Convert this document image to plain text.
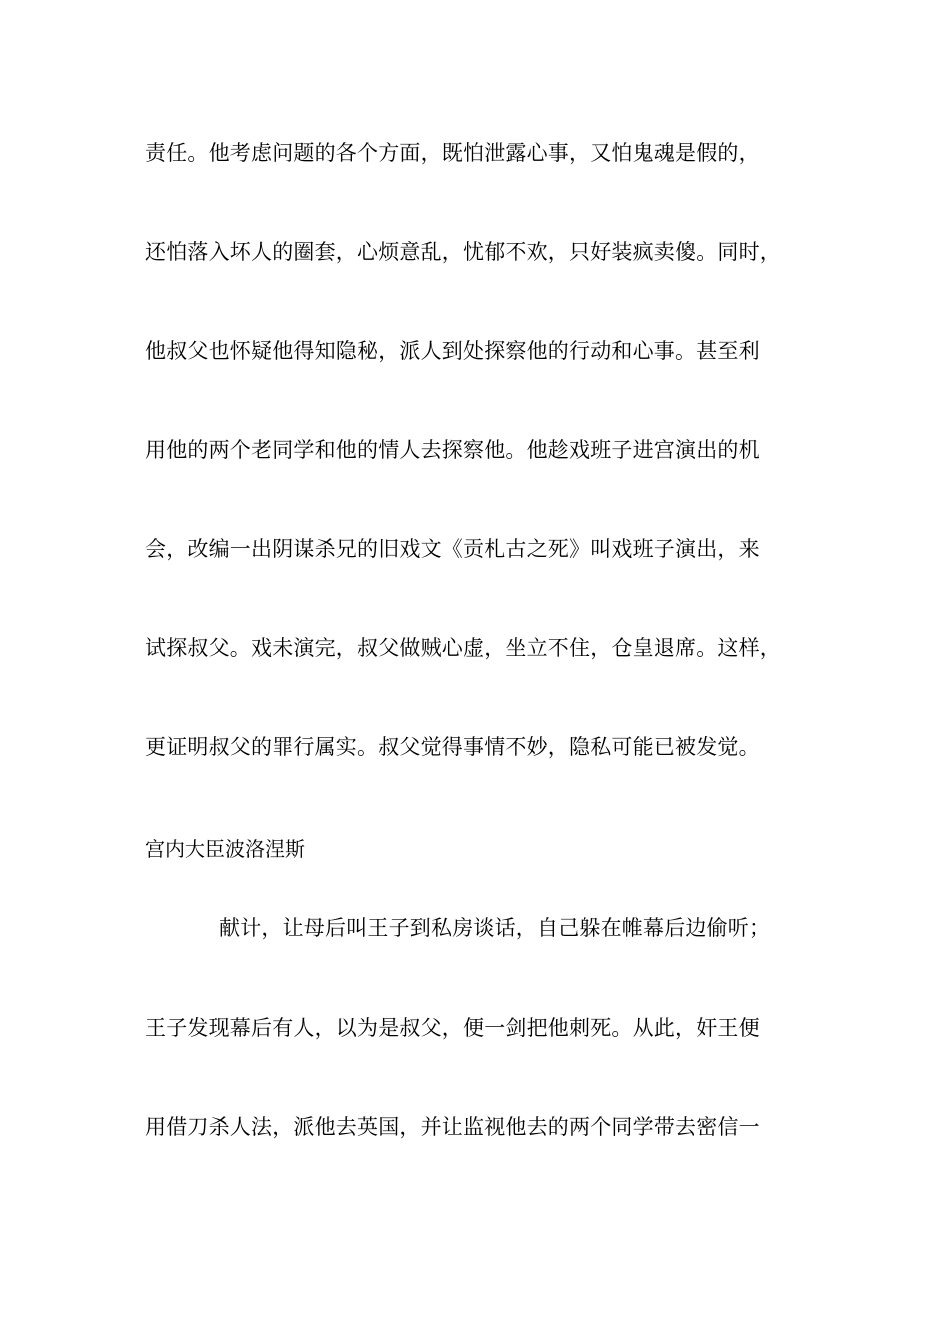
责任。他考虑问题的各个方面，既怕泄露心事，又怕鬼魂是假的，
还怕落入坏人的圈套，心烦意乱，忧郁不欢，只好装疯卖傻。同时，
他叔父也怀疑他得知隐秘，派人到处探察他的行动和心事。甚至利
用他的两个老同学和他的情人去探察他。他趁戏班子进宫演出的机
会，改编一出阴谋杀兄的旧戏文《贡札古之死》叫戏班子演出，来
试探叔父。戏未演完，叔父做贼心虚，坐立不住，仓皇退席。这样，
更证明叔父的罪行属实。叔父觉得事情不妙，隐私可能已被发觉。
宫内大臣波洛涅斯
献计，让母后叫王子到私房谈话，自己躲在帷幕后边偷听；
王子发现幕后有人，以为是叔父，便一剑把他刺死。从此，奸王便
用借刀杀人法，派他去英国，并让监视他去的两个同学带去密信一
